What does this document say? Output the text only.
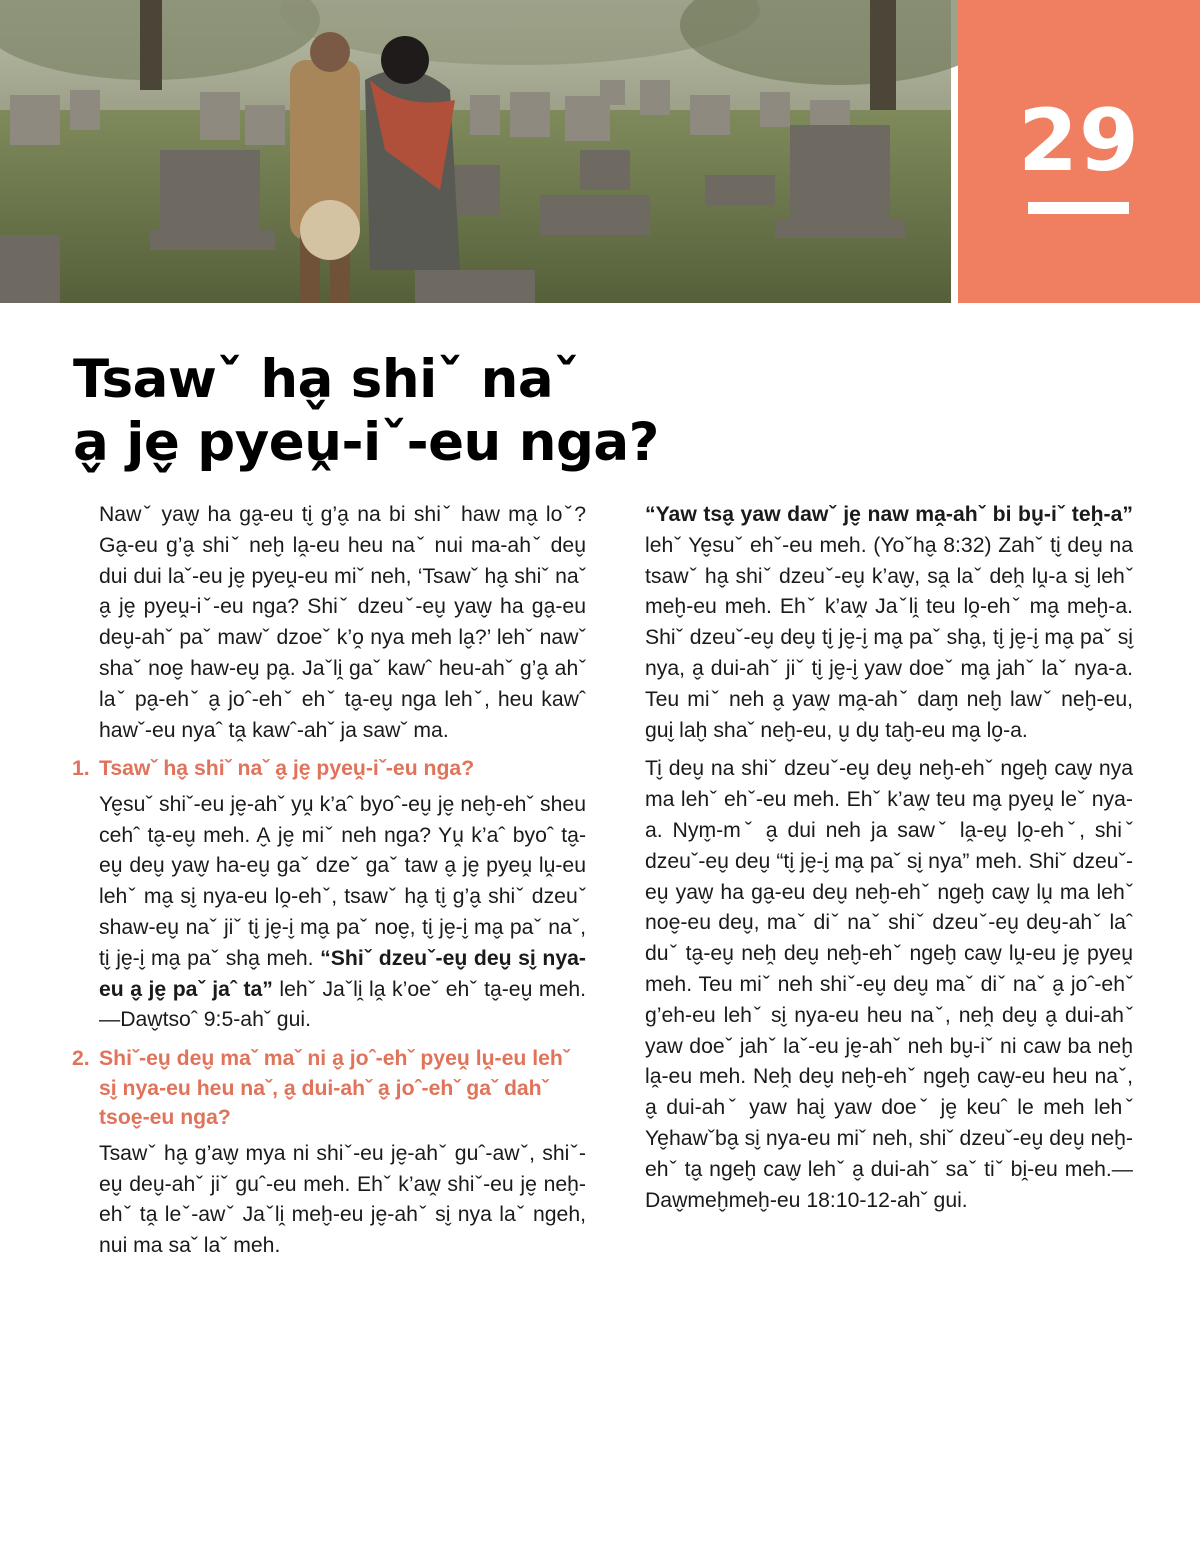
29
Tsawˇ ha̬ shiˇ naˇ
a̬ je̬ pyeṷ-iˇ-eu nga?

Nawˇ yaw̬ ha ga̬-eu ti̬ g’a̬ na bi shiˇ haw ma̬ loˇ? Ga̬-eu g’a̬ shiˇ neh̬ la̭-eu heu naˇ nui ma-ahˇ deu̬ dui dui laˇ-eu je̬ pyeṷ-eu miˇ neh, ‘Tsawˇ ha̬ shiˇ naˇ a̬ je̬ pyeṷ-iˇ-eu nga? Shiˇ dzeuˇ-eu̬ yaw̬ ha ga̬-eu deu̬-ahˇ paˇ mawˇ dzoeˇ k’o̭ nya meh la̬?’ lehˇ nawˇ shaˇ noe̬ haw-eu̬ pa̬. Jaˇli̭ gaˇ kawˆ heu-ahˇ g’a̬ ahˇ laˇ pa̬-ehˇ a̬ joˆ-ehˇ ehˇ ta̬-eu̬ nga lehˇ, heu kawˆ hawˇ-eu nyaˆ ta̭ kawˆ-ahˇ ja sawˇ ma.

1. Tsawˇ ha̬ shiˇ naˇ a̬ je̬ pyeṷ-iˇ-eu nga?

Ye̬suˇ shiˇ-eu je̬-ahˇ yṷ k’aˆ byoˆ-eu̬ je̬ neh̬-ehˇ sheu cehˆ ta̬-eu̬ meh. A̬ je̬ miˇ neh nga? Yṷ k’aˆ byoˆ ta̬-eu̬ deu̬ yaw̬ ha-eu̬ gaˇ dzeˇ gaˇ taw a̬ je̬ pyeṷ lṷ-eu lehˇ ma̬ si̬ nya-eu lo̭-ehˇ, tsawˇ ha̬ ti̬ g’a̬ shiˇ dzeuˇ shaw-eu̬ naˇ jiˇ ti̬ je̬-i̬ ma̬ paˇ noe̬, ti̬ je̬-i̬ ma̬ paˇ naˇ, ti̬ je̬-i̬ ma̬ paˇ sha̬ meh. “Shiˇ dzeuˇ-eu̬ deu̬ si̬ nya-eu a̬ je̬ paˇ jaˆ ta” lehˇ Jaˇli̭ la̭ k’oeˇ ehˇ ta̬-eu̬ meh.—Daw̬tsoˆ 9:5-ahˇ gui.

2. Shiˇ-eu̬ deu̬ maˇ maˇ ni a̬ joˆ-ehˇ pyeṷ lṷ-eu lehˇ si̬ nya-eu heu naˇ, a̬ dui-ahˇ a̬ joˆ-ehˇ gaˇ dahˇ tsoe̬-eu nga?

Tsawˇ ha̬ g’aw̬ mya ni shiˇ-eu je̬-ahˇ guˆ-awˇ, shiˇ-eu̬ deu̬-ahˇ jiˇ guˆ-eu meh. Ehˇ k’aw̭ shiˇ-eu je̬ neh̬-ehˇ ta̭ leˇ-awˇ Jaˇli̭ meh̬-eu je̬-ahˇ si̬ nya laˇ ngeh, nui ma saˇ laˇ meh.

“Yaw tsa̬ yaw dawˇ je̬ naw ma̭-ahˇ bi bu̬-iˇ teh̭-a” lehˇ Ye̬suˇ ehˇ-eu meh. (Yoˇha̬ 8:32) Zahˇ ti̬ deu̬ na tsawˇ ha̬ shiˇ dzeuˇ-eu̬ k’aw̬, sa̭ laˇ deh̭ lṷ-a si̬ lehˇ meh̬-eu meh. Ehˇ k’aw̭ Jaˇli̭ teu lo̭-ehˇ ma̬ meh̬-a. Shiˇ dzeuˇ-eu̬ deu̬ ti̬ je̬-i̬ ma̬ paˇ sha̬, ti̬ je̬-i̬ ma̬ paˇ si̬ nya, a̬ dui-ahˇ jiˇ ti̬ je̬-i̬ yaw doeˇ ma̬ jahˇ laˇ nya-a. Teu miˇ neh a̬ yaw̭ ma̭-ahˇ dam̬ neh̬ lawˇ neh̬-eu, gui̬ lah̬ shaˇ neh̬-eu, u̬ du̬ tah̬-eu ma̬ lo̬-a.

Ti̬ deu̬ na shiˇ dzeuˇ-eu̬ deu̬ neh̬-ehˇ ngeh̬ caw̬ nya ma lehˇ ehˇ-eu meh. Ehˇ k’aw̭ teu ma̬ pyeṷ leˇ nya-a. Nym̬-mˇ a̬ dui neh ja sawˇ la̭-eu̬ lo̭-ehˇ, shiˇ dzeuˇ-eu̬ deu̬ “ti̬ je̬-i̬ ma̬ paˇ si̬ nya” meh. Shiˇ dzeuˇ-eu̬ yaw̬ ha ga̬-eu deu̬ neh̬-ehˇ ngeh̬ caw̬ lṷ ma lehˇ noe̬-eu deu̬, maˇ diˇ naˇ shiˇ dzeuˇ-eu̬ deu̬-ahˇ laˆ duˇ ta̬-eu̬ neh̭ deu̬ neh̬-ehˇ ngeh̬ caw̬ lṷ-eu je̬ pyeṷ meh. Teu miˇ neh shiˇ-eu̬ deu̬ maˇ diˇ naˇ a̬ joˆ-ehˇ g’eh-eu lehˇ si̬ nya-eu heu naˇ, neh̭ deu̬ a̬ dui-ahˇ yaw doeˇ jahˇ laˇ-eu je̬-ahˇ neh bu̬-iˇ ni caw ba neh̬ la̭-eu meh. Neh̭ deu̬ neh̬-ehˇ ngeh̬ caw̬-eu heu naˇ, a̬ dui-ahˇ yaw hai̬ yaw doeˇ je̬ keuˆ le meh lehˇ Ye̬hawˇba̬ si̬ nya-eu miˇ neh, shiˇ dzeuˇ-eu̬ deu̬ neh̬-ehˇ ta̬ ngeh̬ caw̬ lehˇ a̬ dui-ahˇ saˇ tiˇ bi̭-eu meh.—Daw̬meh̬meh̬-eu 18:10-12-ahˇ gui.
